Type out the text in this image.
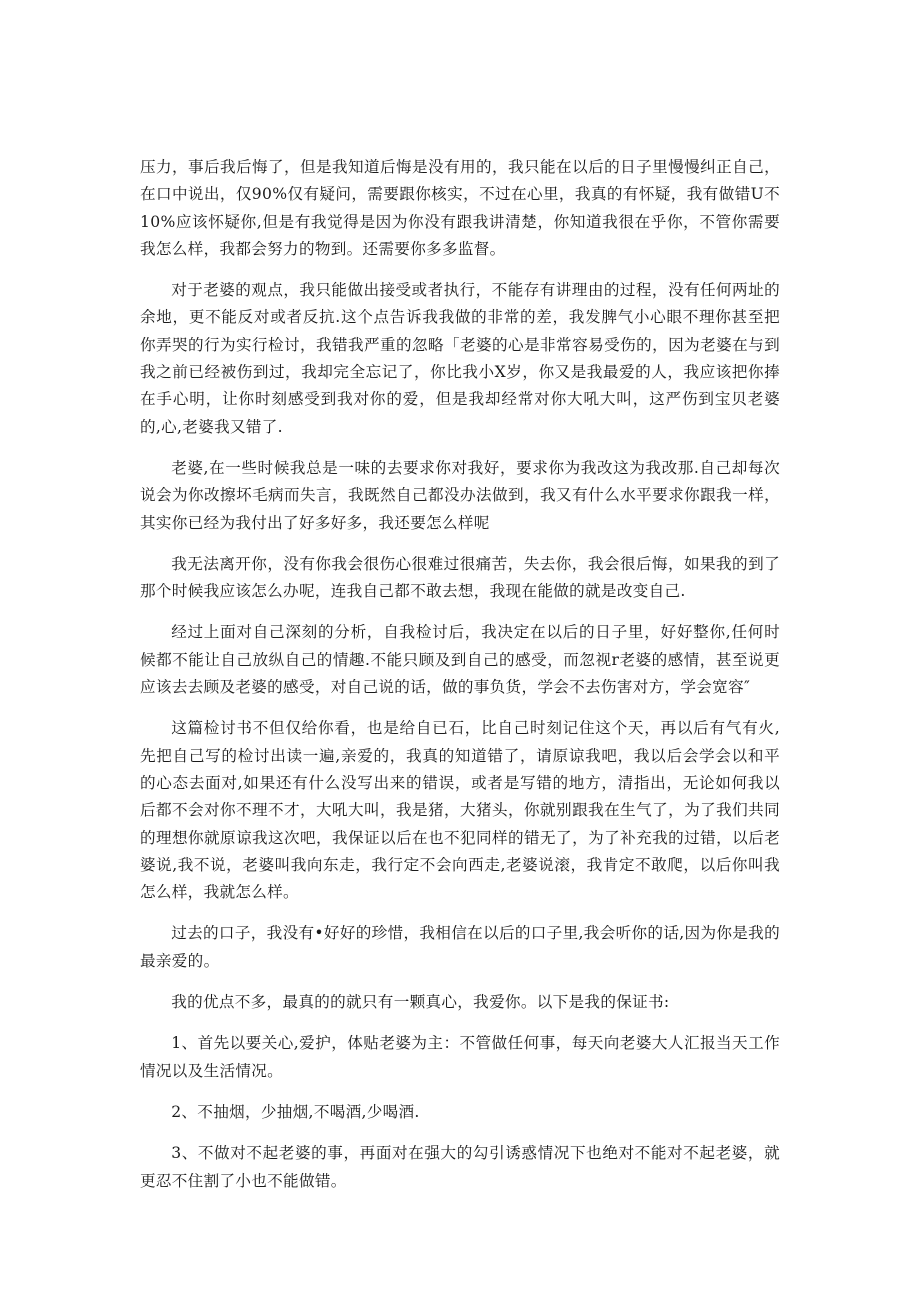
压力，事后我后悔了，但是我知道后悔是没有用的，我只能在以后的日子里慢慢纠正自己，在口中说出，仅90%仅有疑问，需要跟你核实，不过在心里，我真的有怀疑，我有做错U不10%应该怀疑你,但是有我觉得是因为你没有跟我讲清楚，你知道我很在乎你，不管你需要我怎么样，我都会努力的物到。还需要你多多监督。

对于老婆的观点，我只能做出接受或者执行，不能存有讲理由的过程，没有任何两址的余地，更不能反对或者反抗.这个点告诉我我做的非常的差，我发脾气小心眼不理你甚至把你弄哭的行为实行检讨，我错我严重的忽略「老婆的心是非常容易受伤的，因为老婆在与到我之前已经被伤到过，我却完全忘记了，你比我小X岁，你又是我最爱的人，我应该把你捧在手心明，让你时刻感受到我对你的爱，但是我却经常对你大吼大叫，这严伤到宝贝老婆的,心,老婆我又错了.

老婆,在一些时候我总是一味的去要求你对我好，要求你为我改这为我改那.自己却每次说会为你改擦坏毛病而失言，我既然自己都没办法做到，我又有什么水平要求你跟我一样，其实你已经为我付出了好多好多，我还要怎么样呢

我无法离开你，没有你我会很伤心很难过很痛苦，失去你，我会很后悔，如果我的到了那个时候我应该怎么办呢，连我自己都不敢去想，我现在能做的就是改变自己.

经过上面对自己深刻的分析，自我检讨后，我决定在以后的日子里，好好整你,任何时候都不能让自己放纵自己的情趣.不能只顾及到自己的感受，而忽视r老婆的感情，甚至说更应该去去顾及老婆的感受，对自己说的话，做的事负货，学会不去伤害对方，学会宽容″

这篇检讨书不但仅给你看，也是给自已石，比自己时刻记住这个天，再以后有气有火,先把自己写的检讨出读一遍,亲爱的，我真的知道错了，请原谅我吧，我以后会学会以和平的心态去面对,如果还有什么没写出来的错误，或者是写错的地方，清指出，无论如何我以后都不会对你不理不才，大吼大叫，我是猪，大猪头，你就别跟我在生气了，为了我们共同的理想你就原谅我这次吧，我保证以后在也不犯同样的错无了，为了补充我的过错，以后老婆说,我不说，老婆叫我向东走，我行定不会向西走,老婆说滚，我肯定不敢爬，以后你叫我怎么样，我就怎么样。

过去的口子，我没有•好好的珍惜，我相信在以后的口子里,我会听你的话,因为你是我的最亲爱的。

我的优点不多，最真的的就只有一颗真心，我爱你。以下是我的保证书:

1、首先以要关心,爱护，体贴老婆为主：不管做任何事，每天向老婆大人汇报当天工作情况以及生活情况。

2、不抽烟，少抽烟,不喝酒,少喝酒.

3、不做对不起老婆的事，再面对在强大的勾引诱惑情况下也绝对不能对不起老婆，就更忍不住割了小也不能做错。
